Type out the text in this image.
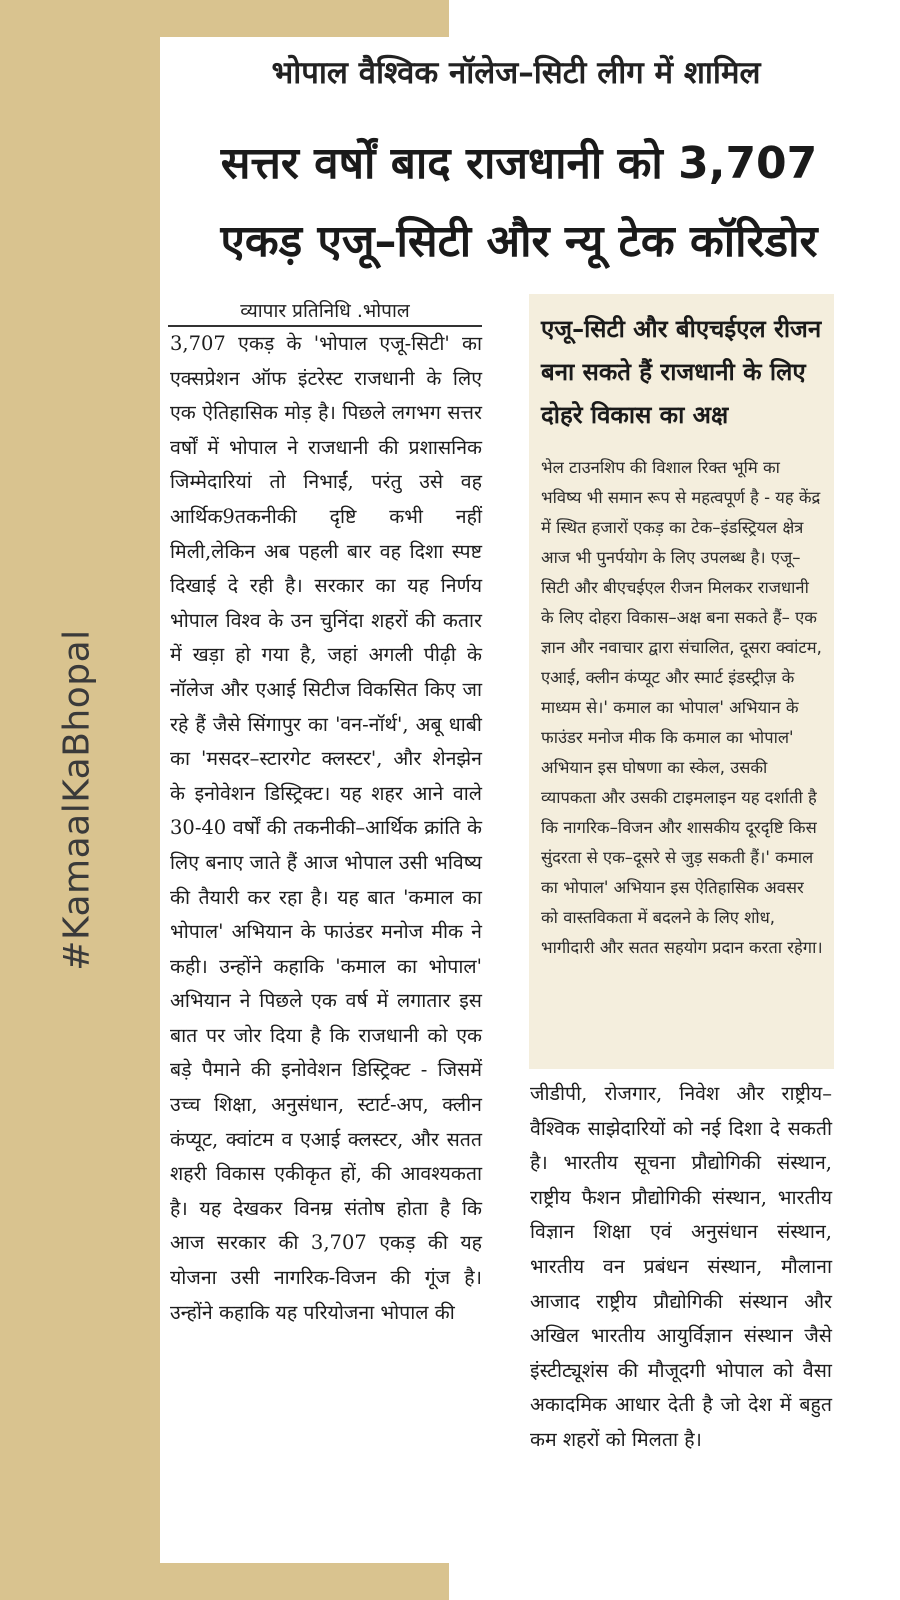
#KamaalKaBhopal
भोपाल वैश्विक नॉलेज–सिटी लीग में शामिल
सत्तर वर्षों बाद राजधानी को 3,707 एकड़ एजू–सिटी और न्यू टेक कॉरिडोर
व्यापार प्रतिनिधि .भोपाल

3,707 एकड़ के 'भोपाल एजू-सिटी' का एक्सप्रेशन ऑफ इंटरेस्ट राजधानी के लिए एक ऐतिहासिक मोड़ है। पिछले लगभग सत्तर वर्षों में भोपाल ने राजधानी की प्रशासनिक जिम्मेदारियां तो निभाईं, परंतु उसे वह आर्थिक9तकनीकी दृष्टि कभी नहीं मिली,लेकिन अब पहली बार वह दिशा स्पष्ट दिखाई दे रही है। सरकार का यह निर्णय भोपाल विश्व के उन चुनिंदा शहरों की कतार में खड़ा हो गया है, जहां अगली पीढ़ी के नॉलेज और एआई सिटीज विकसित किए जा रहे हैं जैसे सिंगापुर का 'वन-नॉर्थ', अबू धाबी का 'मसदर–स्टारगेट क्लस्टर', और शेनझेन के इनोवेशन डिस्ट्रिक्ट। यह शहर आने वाले 30-40 वर्षों की तकनीकी–आर्थिक क्रांति के लिए बनाए जाते हैं आज भोपाल उसी भविष्य की तैयारी कर रहा है। यह बात 'कमाल का भोपाल' अभियान के फाउंडर मनोज मीक ने कही। उन्होंने कहाकि 'कमाल का भोपाल' अभियान ने पिछले एक वर्ष में लगातार इस बात पर जोर दिया है कि राजधानी को एक बड़े पैमाने की इनोवेशन डिस्ट्रिक्ट - जिसमें उच्च शिक्षा, अनुसंधान, स्टार्ट-अप, क्लीन कंप्यूट, क्वांटम व एआई क्लस्टर, और सतत शहरी विकास एकीकृत हों, की आवश्यकता है। यह देखकर विनम्र संतोष होता है कि आज सरकार की 3,707 एकड़ की यह योजना उसी नागरिक-विजन की गूंज है। उन्होंने कहाकि यह परियोजना भोपाल की

एजू–सिटी और बीएचईएल रीजन बना सकते हैं राजधानी के लिए दोहरे विकास का अक्ष
भेल टाउनशिप की विशाल रिक्त भूमि का भविष्य भी समान रूप से महत्वपूर्ण है - यह केंद्र में स्थित हजारों एकड़ का टेक–इंडस्ट्रियल क्षेत्र आज भी पुनर्पयोग के लिए उपलब्ध है। एजू–सिटी और बीएचईएल रीजन मिलकर राजधानी के लिए दोहरा विकास–अक्ष बना सकते हैं– एक ज्ञान और नवाचार द्वारा संचालित, दूसरा क्वांटम, एआई, क्लीन कंप्यूट और स्मार्ट इंडस्ट्रीज़ के माध्यम से।' कमाल का भोपाल' अभियान के फाउंडर मनोज मीक कि कमाल का भोपाल' अभियान इस घोषणा का स्केल, उसकी व्यापकता और उसकी टाइमलाइन यह दर्शाती है कि नागरिक–विजन और शासकीय दूरदृष्टि किस सुंदरता से एक–दूसरे से जुड़ सकती हैं।' कमाल का भोपाल' अभियान इस ऐतिहासिक अवसर को वास्तविकता में बदलने के लिए शोध, भागीदारी और सतत सहयोग प्रदान करता रहेगा।

जीडीपी, रोजगार, निवेश और राष्ट्रीय–वैश्विक साझेदारियों को नई दिशा दे सकती है। भारतीय सूचना प्रौद्योगिकी संस्थान, राष्ट्रीय फैशन प्रौद्योगिकी संस्थान, भारतीय विज्ञान शिक्षा एवं अनुसंधान संस्थान, भारतीय वन प्रबंधन संस्थान, मौलाना आजाद राष्ट्रीय प्रौद्योगिकी संस्थान और अखिल भारतीय आयुर्विज्ञान संस्थान जैसे इंस्टीट्यूशंस की मौजूदगी भोपाल को वैसा अकादमिक आधार देती है जो देश में बहुत कम शहरों को मिलता है।
